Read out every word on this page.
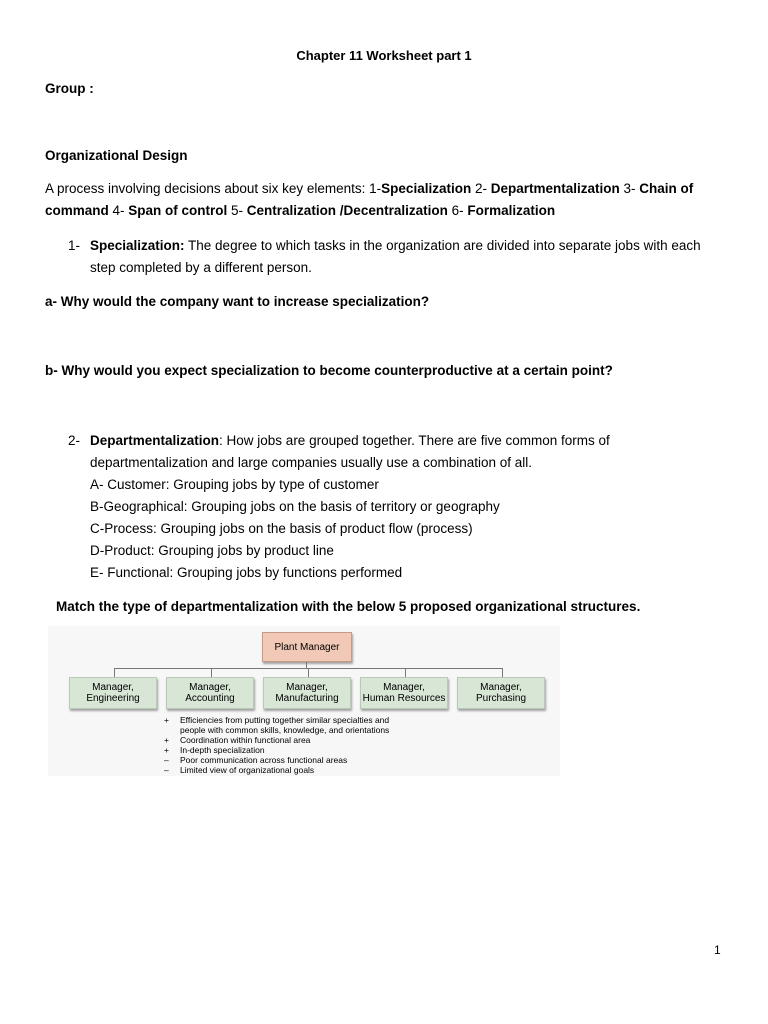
Chapter 11 Worksheet part 1
Group :
Organizational Design
A process involving decisions about six key elements: 1-Specialization 2- Departmentalization 3- Chain of
command 4- Span of control 5- Centralization /Decentralization 6- Formalization
1- Specialization: The degree to which tasks in the organization are divided into separate jobs with each
step completed by a different person.
a- Why would the company want to increase specialization?
b- Why would you expect specialization to become counterproductive at a certain point?
2- Departmentalization: How jobs are grouped together. There are five common forms of
departmentalization and large companies usually use a combination of all.
A- Customer: Grouping jobs by type of customer
B-Geographical: Grouping jobs on the basis of territory or geography
C-Process: Grouping jobs on the basis of product flow (process)
D-Product: Grouping jobs by product line
E- Functional: Grouping jobs by functions performed
Match the type of departmentalization with the below 5 proposed organizational structures.
Plant Manager
Manager,
Engineering
Manager,
Accounting
Manager,
Manufacturing
Manager,
Human Resources
Manager,
Purchasing
+ Efficiencies from putting together similar specialties and
people with common skills, knowledge, and orientations
+ Coordination within functional area
+ In-depth specialization
– Poor communication across functional areas
– Limited view of organizational goals
1
